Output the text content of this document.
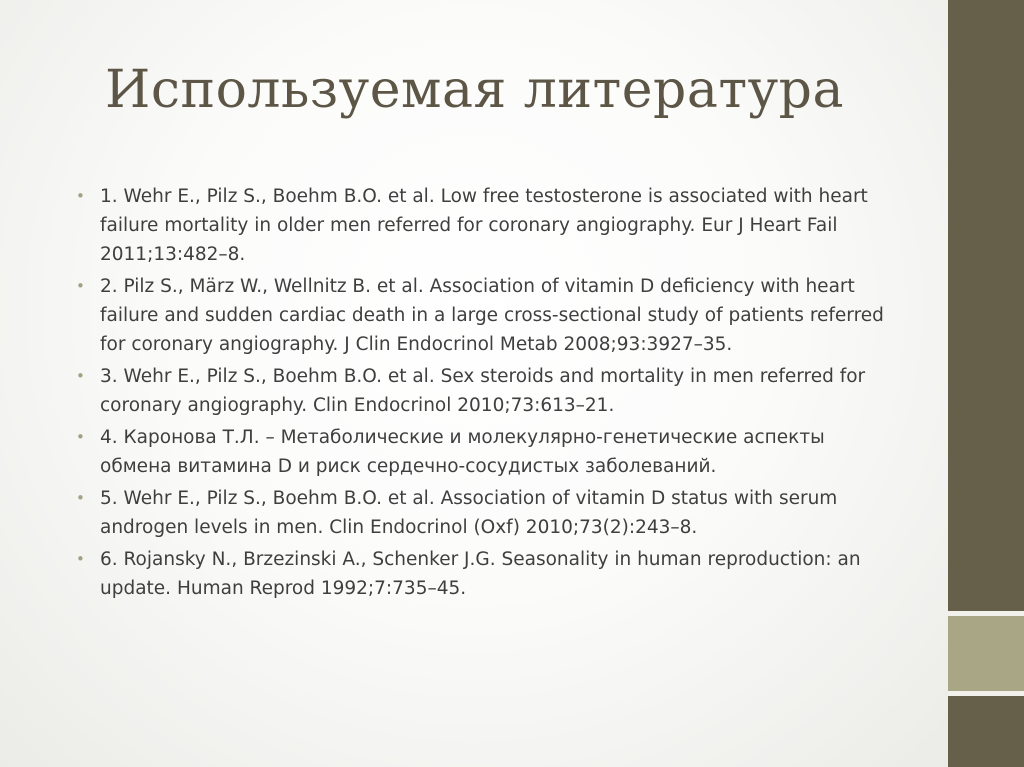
Используемая литература
• 1. Wehr E., Pilz S., Boehm B.O. et al. Low free testosterone is associated with heart failure mortality in older men referred for coronary angiography. Eur J Heart Fail 2011;13:482–8.
• 2. Pilz S., März W., Wellnitz B. et al. Association of vitamin D deficiency with heart failure and sudden cardiac death in a large cross-sectional study of patients referred for coronary angiography. J Clin Endocrinol Metab 2008;93:3927–35.
• 3. Wehr E., Pilz S., Boehm B.O. et al. Sex steroids and mortality in men referred for coronary angiography. Clin Endocrinol 2010;73:613–21.
• 4. Каронова Т.Л. – Метаболические и молекулярно-генетические аспекты обмена витамина D и риск сердечно-сосудистых заболеваний.
• 5. Wehr E., Pilz S., Boehm B.O. et al. Association of vitamin D status with serum androgen levels in men. Clin Endocrinol (Oxf) 2010;73(2):243–8.
• 6. Rojansky N., Brzezinski A., Schenker J.G. Seasonality in human reproduction: an update. Human Reprod 1992;7:735–45.
